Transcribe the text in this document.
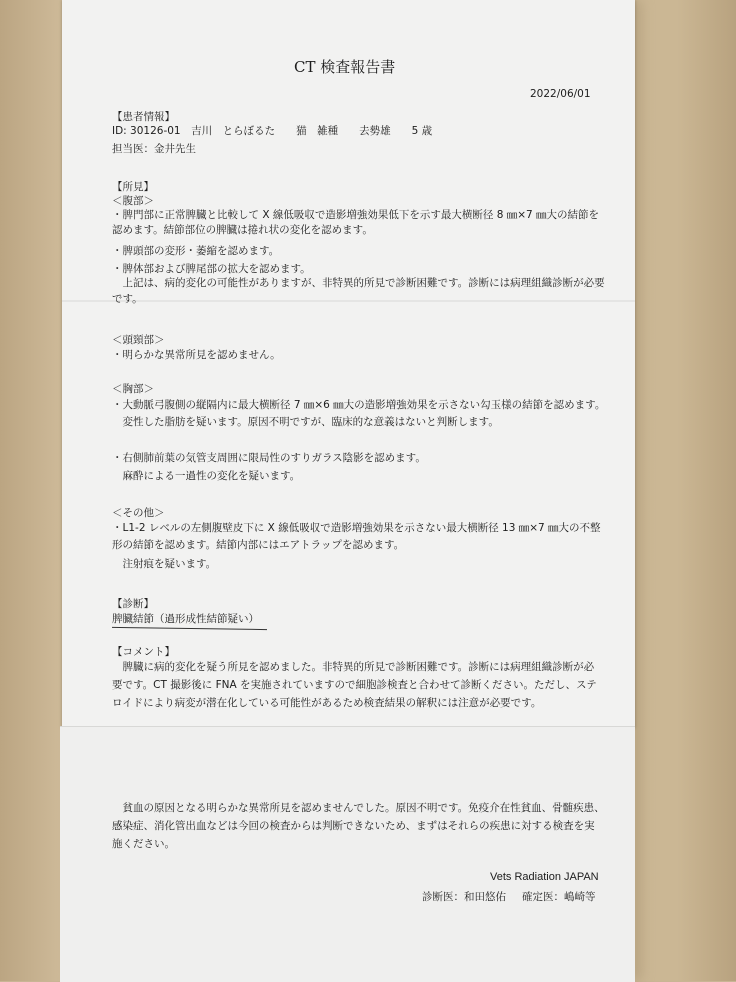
CT 検査報告書
2022/06/01
【患者情報】
ID: 30126-01　吉川　とらぼるた　　猫　雑種　　去勢雄　　5 歳
担当医：金井先生
【所見】
＜腹部＞
・脾門部に正常脾臓と比較して X 線低吸収で造影増強効果低下を示す最大横断径 8 ㎜×7 ㎜大の結節を
認めます。結節部位の脾臓は捲れ状の変化を認めます。
・脾頭部の変形・萎縮を認めます。
・脾体部および脾尾部の拡大を認めます。
　上記は、病的変化の可能性がありますが、非特異的所見で診断困難です。診断には病理組織診断が必要
です。
＜頭頸部＞
・明らかな異常所見を認めません。
＜胸部＞
・大動脈弓腹側の縦隔内に最大横断径 7 ㎜×6 ㎜大の造影増強効果を示さない勾玉様の結節を認めます。
　変性した脂肪を疑います。原因不明ですが、臨床的な意義はないと判断します。
・右側肺前葉の気管支周囲に限局性のすりガラス陰影を認めます。
　麻酔による一過性の変化を疑います。
＜その他＞
・L1-2 レベルの左側腹壁皮下に X 線低吸収で造影増強効果を示さない最大横断径 13 ㎜×7 ㎜大の不整
形の結節を認めます。結節内部にはエアトラップを認めます。
　注射痕を疑います。
【診断】
脾臓結節（過形成性結節疑い）
【コメント】
　脾臓に病的変化を疑う所見を認めました。非特異的所見で診断困難です。診断には病理組織診断が必
要です。CT 撮影後に FNA を実施されていますので細胞診検査と合わせて診断ください。ただし、ステ
ロイドにより病変が潜在化している可能性があるため検査結果の解釈には注意が必要です。
　貧血の原因となる明らかな異常所見を認めませんでした。原因不明です。免疫介在性貧血、骨髄疾患、
感染症、消化管出血などは今回の検査からは判断できないため、まずはそれらの疾患に対する検査を実
施ください。
Vets Radiation JAPAN
診断医：和田悠佑 確定医：嶋崎等
